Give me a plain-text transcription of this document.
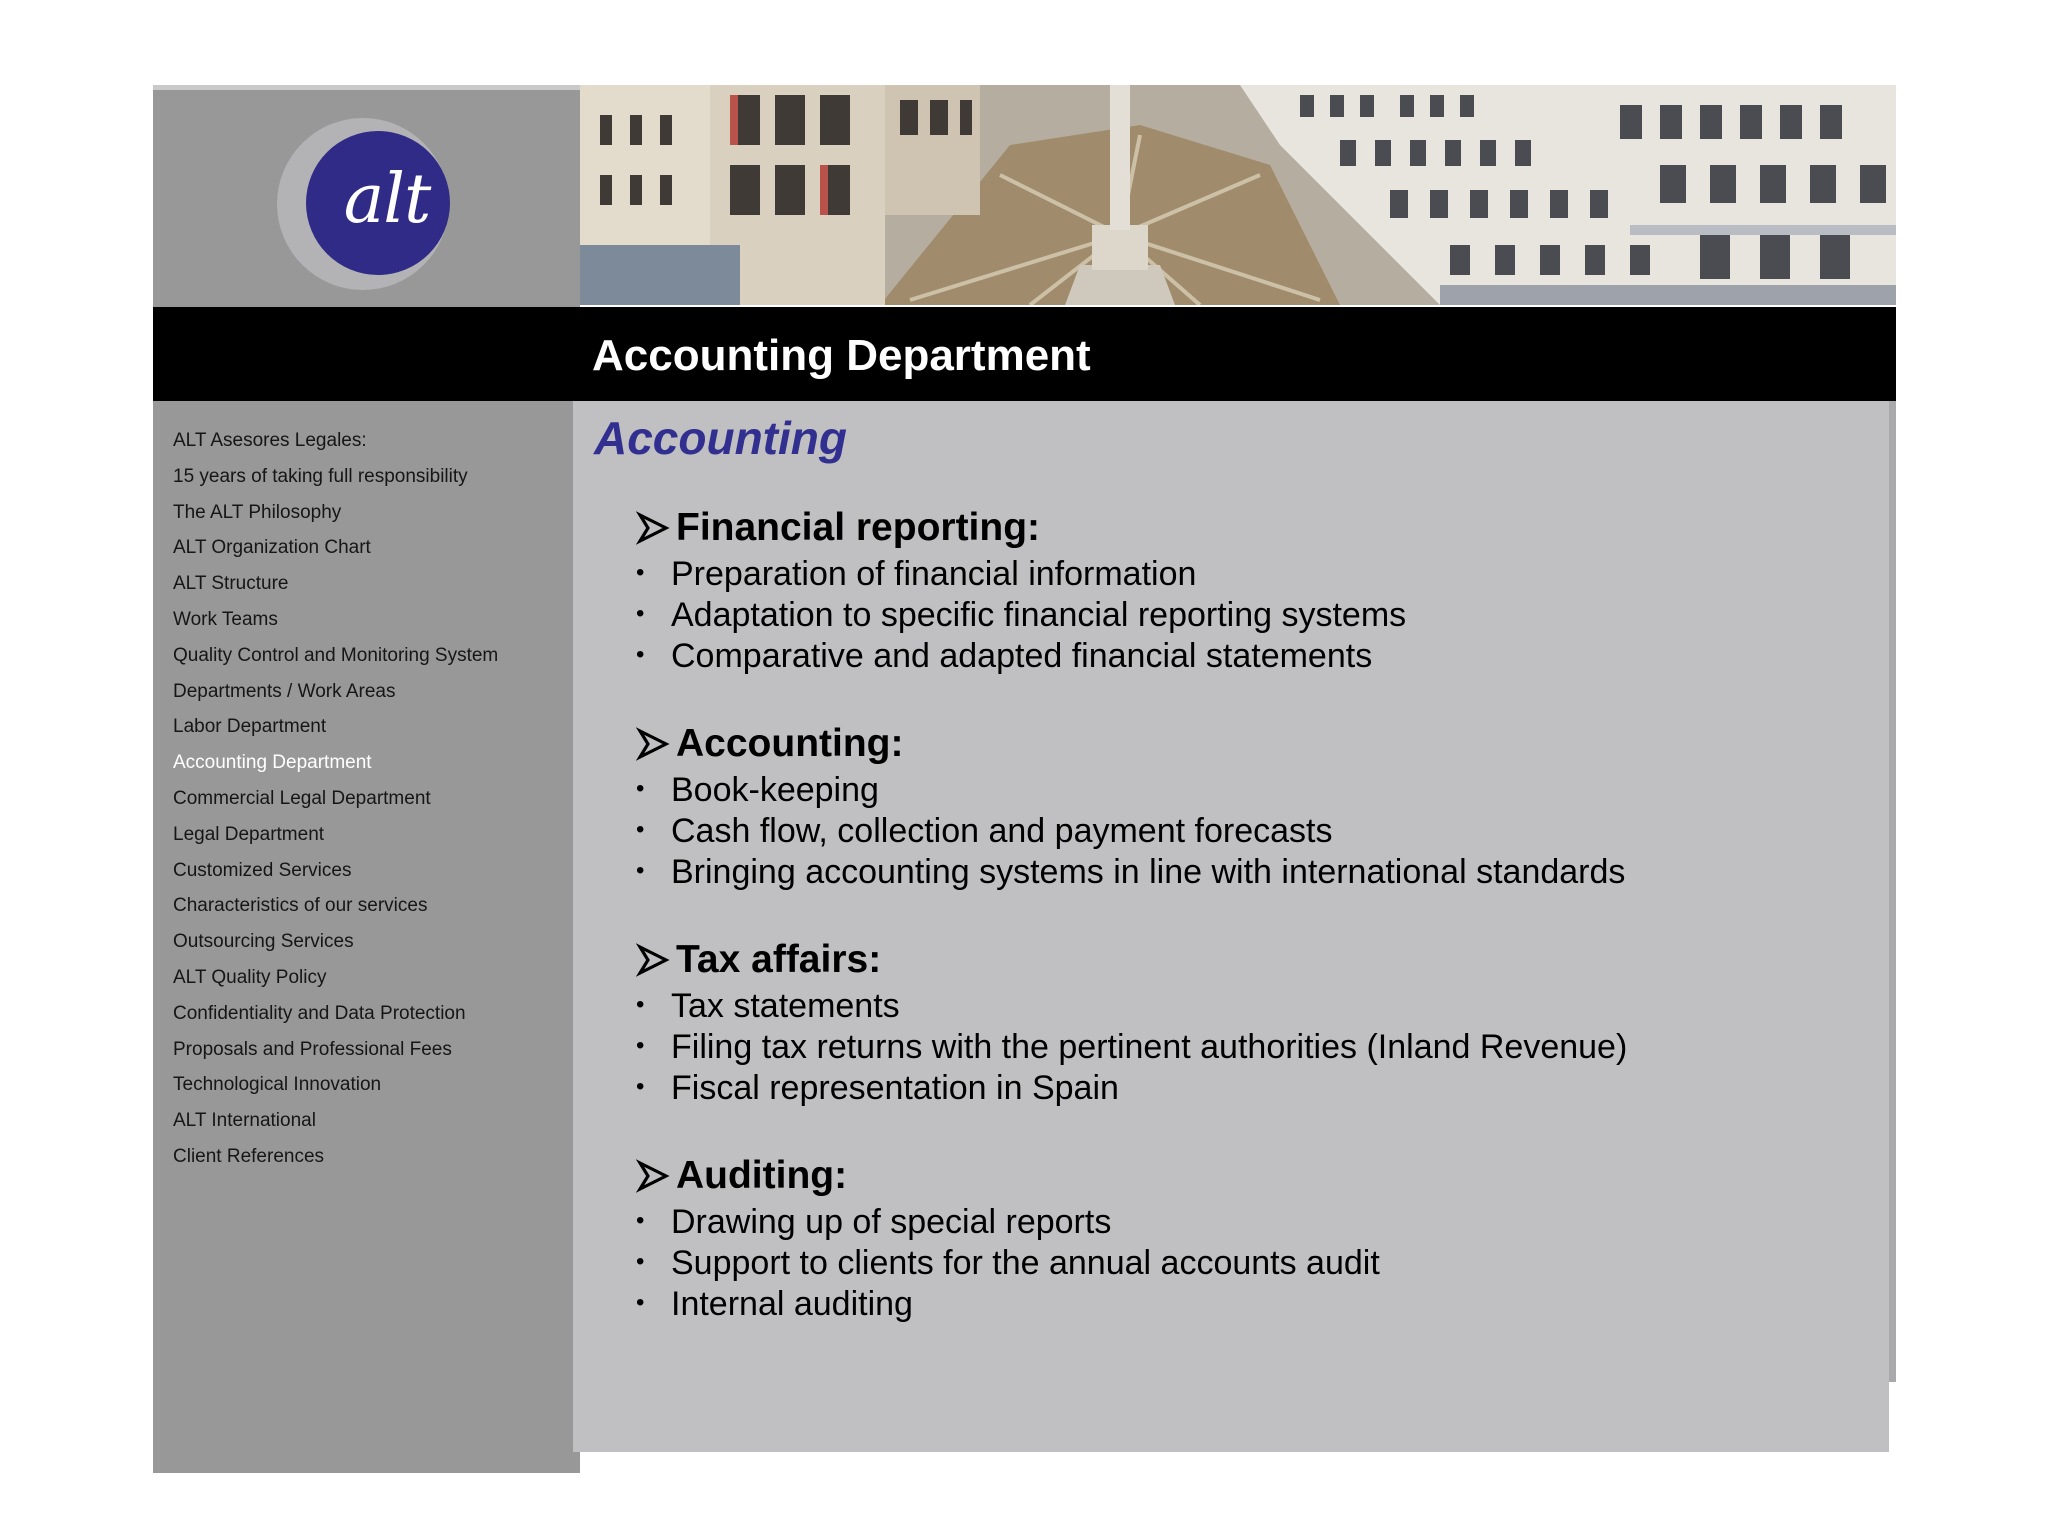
alt
Accounting Department
Accounting
Financial reporting:
• Preparation of financial information
• Adaptation to specific financial reporting systems
• Comparative and adapted financial statements
Accounting:
• Book-keeping
• Cash flow, collection and payment forecasts
• Bringing accounting systems in line with international standards
Tax affairs:
• Tax statements
• Filing tax returns with the pertinent authorities (Inland Revenue)
• Fiscal representation in Spain
Auditing:
• Drawing up of special reports
• Support to clients for the annual accounts audit
• Internal auditing
ALT Asesores Legales:
15 years of taking full responsibility
The ALT Philosophy
ALT Organization Chart
ALT Structure
Work Teams
Quality Control and Monitoring System
Departments / Work Areas
Labor Department
Accounting Department
Commercial Legal Department
Legal Department
Customized Services
Characteristics of our services
Outsourcing Services
ALT Quality Policy
Confidentiality and Data Protection
Proposals and Professional Fees
Technological Innovation
ALT International
Client References
